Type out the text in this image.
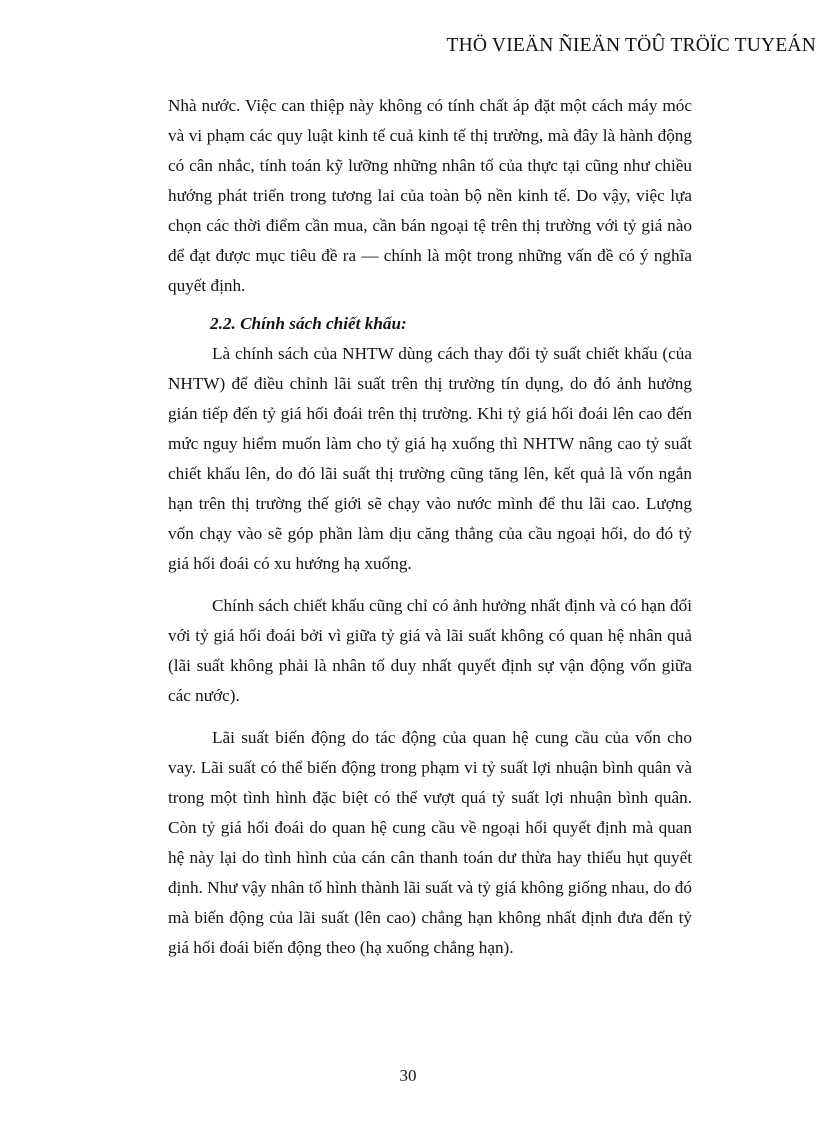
THÖ VIEÄN ÑIEÄN TÖÛ TRÖÏC TUYEÁN

Nhà nước. Việc can thiệp này không có tính chất áp đặt một cách máy móc và vi phạm các quy luật kinh tế cuả kinh tế thị trường, mà đây là hành động có cân nhắc, tính toán kỹ lưỡng những nhân tố của thực tại cũng như chiều hướng phát triển trong tương lai của toàn bộ nền kinh tế. Do vậy, việc lựa chọn các thời điểm cần mua, cần bán ngoại tệ trên thị trường với tỷ giá nào để đạt được mục tiêu đề ra — chính là một trong những vấn đề có ý nghĩa quyết định.

2.2. Chính sách chiết khấu:

Là chính sách của NHTW dùng cách thay đổi tỷ suất chiết khấu (của NHTW) để điều chỉnh lãi suất trên thị trường tín dụng, do đó ảnh hưởng gián tiếp đến tỷ giá hối đoái trên thị trường. Khi tỷ giá hối đoái lên cao đến mức nguy hiểm muốn làm cho tỷ giá hạ xuống thì NHTW nâng cao tỷ suất chiết khấu lên, do đó lãi suất thị trường cũng tăng lên, kết quả là vốn ngắn hạn trên thị trường thế giới sẽ chạy vào nước mình để thu lãi cao. Lượng vốn chạy vào sẽ góp phần làm dịu căng thẳng của cầu ngoại hối, do đó tỷ giá hối đoái có xu hướng hạ xuống.

Chính sách chiết khấu cũng chỉ có ảnh hưởng nhất định và có hạn đối với tỷ giá hối đoái bởi vì giữa tỷ giá và lãi suất không có quan hệ nhân quả (lãi suất không phải là nhân tố duy nhất quyết định sự vận động vốn giữa các nước).

Lãi suất biến động do tác động của quan hệ cung cầu của vốn cho vay. Lãi suất có thể biến động trong phạm vi tỷ suất lợi nhuận bình quân và trong một tình hình đặc biệt có thể vượt quá tỷ suất lợi nhuận bình quân. Còn tỷ giá hối đoái do quan hệ cung cầu về ngoại hối quyết định mà quan hệ này lại do tình hình của cán cân thanh toán dư thừa hay thiếu hụt quyết định. Như vậy nhân tố hình thành lãi suất và tỷ giá không giống nhau, do đó mà biến động của lãi suất (lên cao) chẳng hạn không nhất định đưa đến tỷ giá hối đoái biến động theo (hạ xuống chẳng hạn).

30
